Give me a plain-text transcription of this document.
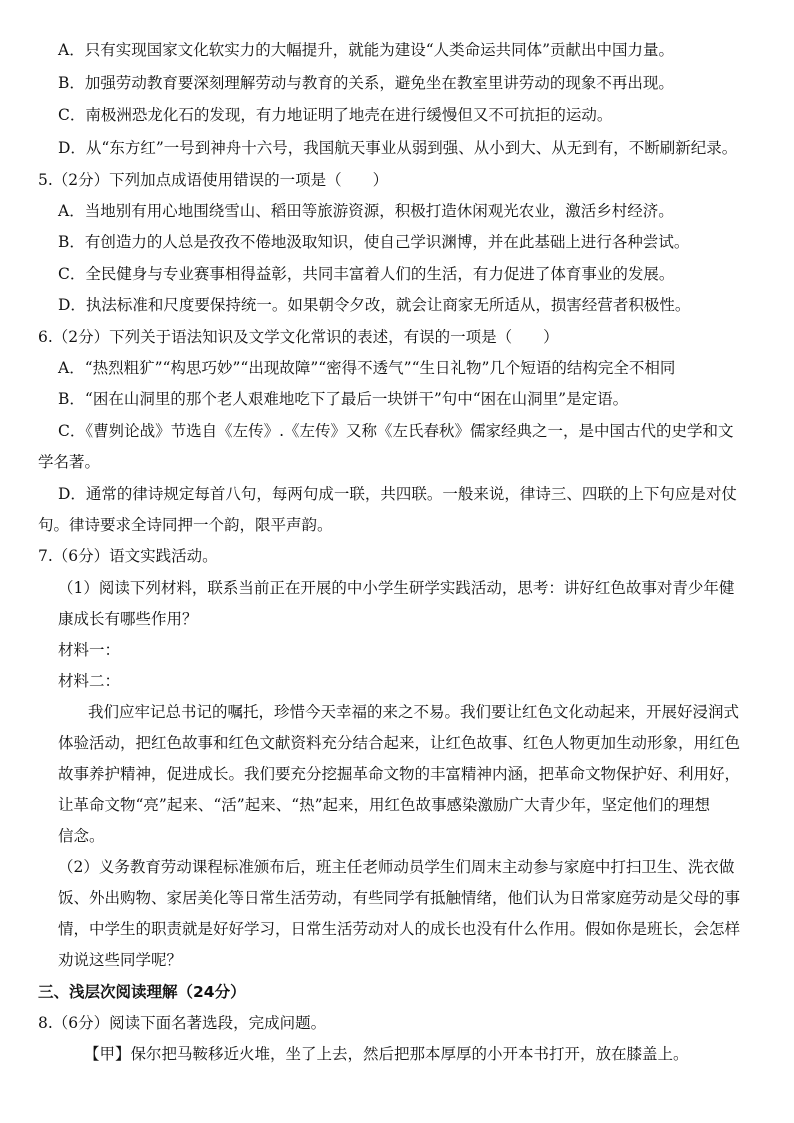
A．只有实现国家文化软实力的大幅提升，就能为建设“人类命运共同体”贡献出中国力量。
B．加强劳动教育要深刻理解劳动与教育的关系，避免坐在教室里讲劳动的现象不再出现。
C．南极洲恐龙化石的发现，有力地证明了地壳在进行缓慢但又不可抗拒的运动。
D．从“东方红”一号到神舟十六号，我国航天事业从弱到强、从小到大、从无到有，不断刷新纪录。
5.（2分）下列加点成语使用错误的一项是（　　）
A．当地别有用心地围绕雪山、稻田等旅游资源，积极打造休闲观光农业，激活乡村经济。
B．有创造力的人总是孜孜不倦地汲取知识，使自己学识渊博，并在此基础上进行各种尝试。
C．全民健身与专业赛事相得益彰，共同丰富着人们的生活，有力促进了体育事业的发展。
D．执法标准和尺度要保持统一。如果朝令夕改，就会让商家无所适从，损害经营者积极性。
6.（2分）下列关于语法知识及文学文化常识的表述，有误的一项是（　　）
A．“热烈粗犷”“构思巧妙”“出现故障”“密得不透气”“生日礼物”几个短语的结构完全不相同
B．“困在山洞里的那个老人艰难地吃下了最后一块饼干”句中“困在山洞里”是定语。
C．《曹刿论战》节选自《左传》.《左传》又称《左氏春秋》儒家经典之一，是中国古代的史学和文
学名著。
D．通常的律诗规定每首八句，每两句成一联，共四联。一般来说，律诗三、四联的上下句应是对仗
句。律诗要求全诗同押一个韵，限平声韵。
7.（6分）语文实践活动。
（1）阅读下列材料，联系当前正在开展的中小学生研学实践活动，思考：讲好红色故事对青少年健
康成长有哪些作用？
材料一：
材料二：
我们应牢记总书记的嘱托，珍惜今天幸福的来之不易。我们要让红色文化动起来，开展好浸润式
体验活动，把红色故事和红色文献资料充分结合起来，让红色故事、红色人物更加生动形象，用红色
故事养护精神，促进成长。我们要充分挖掘革命文物的丰富精神内涵，把革命文物保护好、利用好，
让革命文物“亮”起来、“活”起来、“热”起来，用红色故事感染激励广大青少年，坚定他们的理想
信念。
（2）义务教育劳动课程标准颁布后，班主任老师动员学生们周末主动参与家庭中打扫卫生、洗衣做
饭、外出购物、家居美化等日常生活劳动，有些同学有抵触情绪，他们认为日常家庭劳动是父母的事
情，中学生的职责就是好好学习，日常生活劳动对人的成长也没有什么作用。假如你是班长，会怎样
劝说这些同学呢？
三、浅层次阅读理解（24分）
8.（6分）阅读下面名著选段，完成问题。
【甲】保尔把马鞍移近火堆，坐了上去，然后把那本厚厚的小开本书打开，放在膝盖上。
